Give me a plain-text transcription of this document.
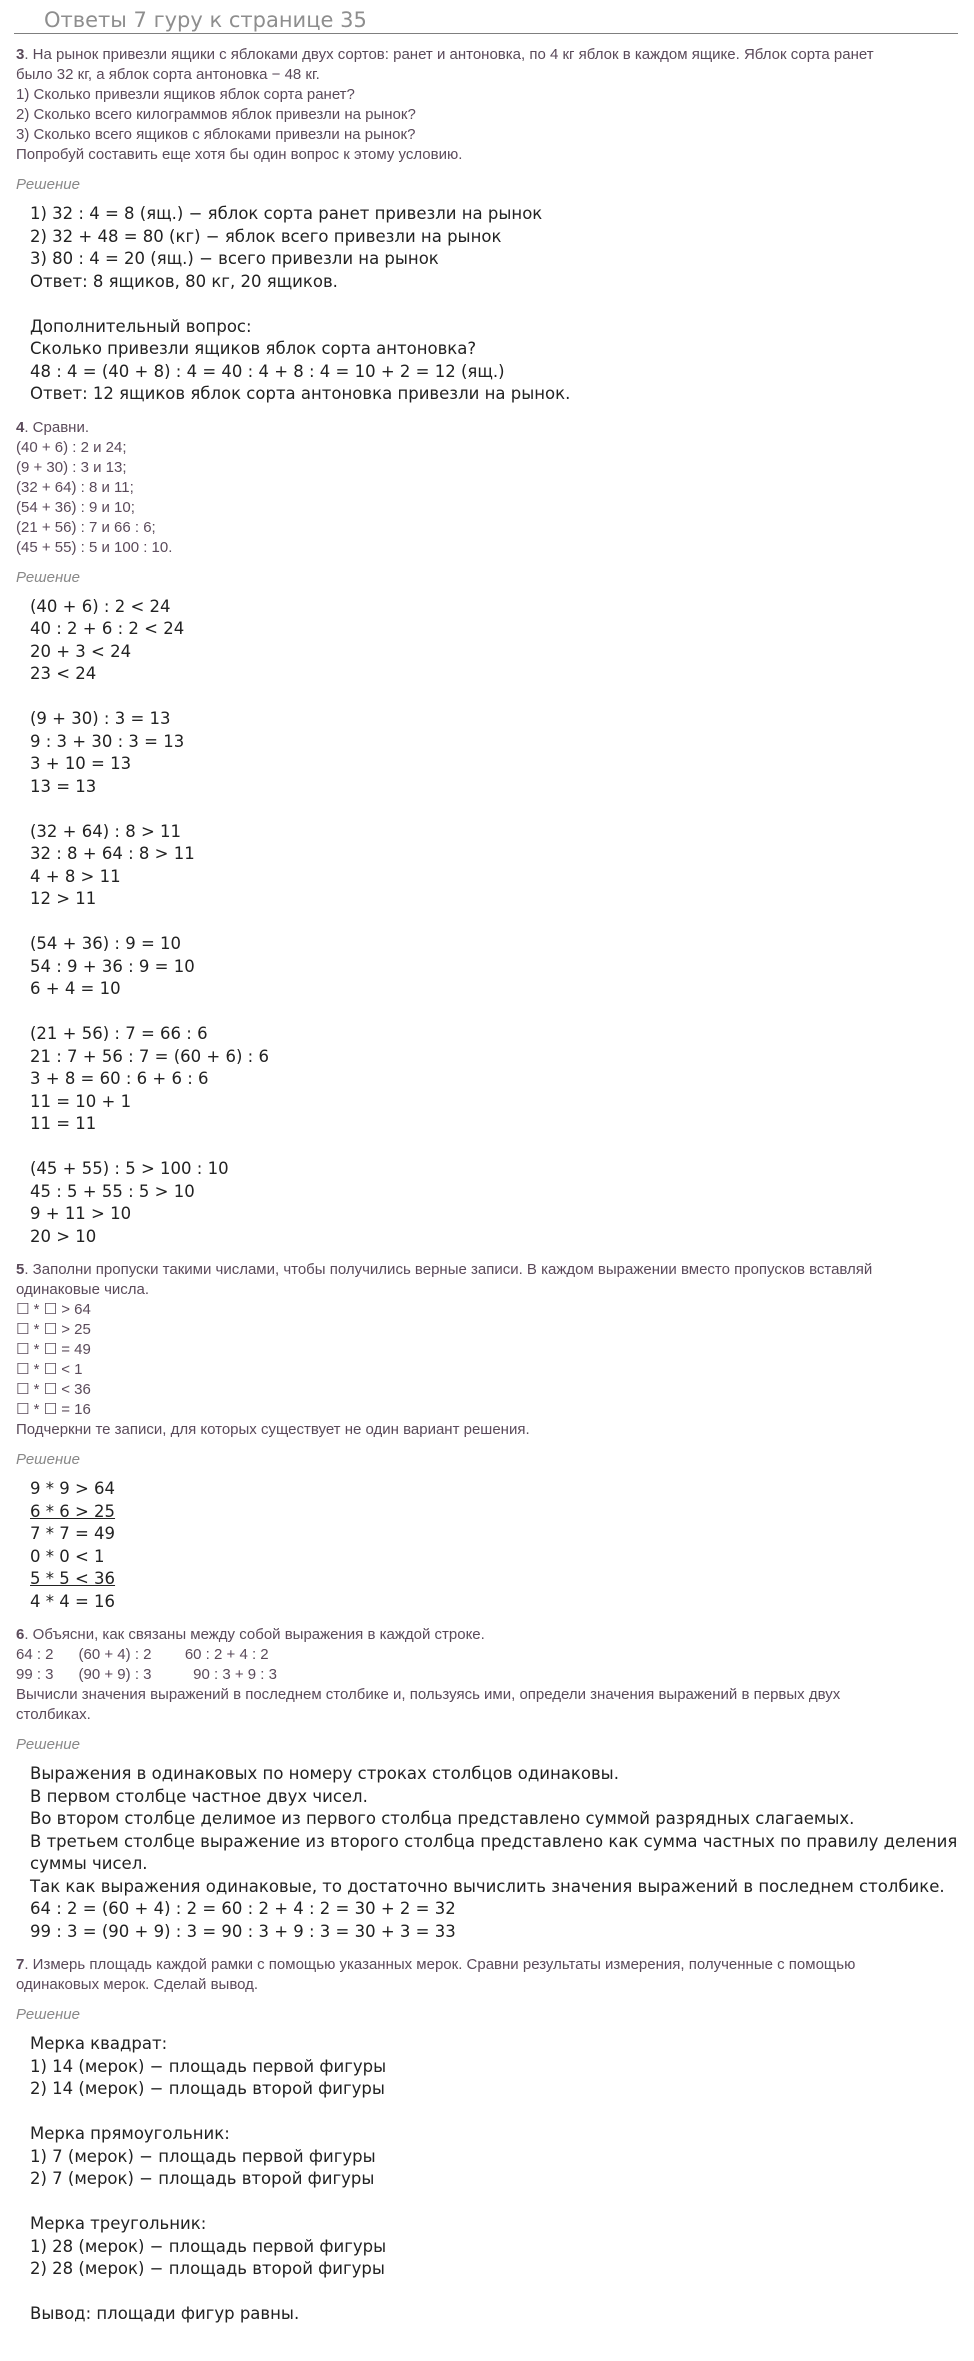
Ответы 7 гуру к странице 35
3. На рынок привезли ящики с яблоками двух сортов: ранет и антоновка, по 4 кг яблок в каждом ящике. Яблок сорта ранет
было 32 кг, а яблок сорта антоновка − 48 кг.
1) Сколько привезли ящиков яблок сорта ранет?
2) Сколько всего килограммов яблок привезли на рынок?
3) Сколько всего ящиков с яблоками привезли на рынок?
Попробуй составить еще хотя бы один вопрос к этому условию.
Решение
1) 32 : 4 = 8 (ящ.) − яблок сорта ранет привезли на рынок
2) 32 + 48 = 80 (кг) − яблок всего привезли на рынок
3) 80 : 4 = 20 (ящ.) − всего привезли на рынок
Ответ: 8 ящиков, 80 кг, 20 ящиков.
Дополнительный вопрос:
Сколько привезли ящиков яблок сорта антоновка?
48 : 4 = (40 + 8) : 4 = 40 : 4 + 8 : 4 = 10 + 2 = 12 (ящ.)
Ответ: 12 ящиков яблок сорта антоновка привезли на рынок.
4. Сравни.
(40 + 6) : 2 и 24;
(9 + 30) : 3 и 13;
(32 + 64) : 8 и 11;
(54 + 36) : 9 и 10;
(21 + 56) : 7 и 66 : 6;
(45 + 55) : 5 и 100 : 10.
Решение
(40 + 6) : 2 < 24
40 : 2 + 6 : 2 < 24
20 + 3 < 24
23 < 24
(9 + 30) : 3 = 13
9 : 3 + 30 : 3 = 13
3 + 10 = 13
13 = 13
(32 + 64) : 8 > 11
32 : 8 + 64 : 8 > 11
4 + 8 > 11
12 > 11
(54 + 36) : 9 = 10
54 : 9 + 36 : 9 = 10
6 + 4 = 10
(21 + 56) : 7 = 66 : 6
21 : 7 + 56 : 7 = (60 + 6) : 6
3 + 8 = 60 : 6 + 6 : 6
11 = 10 + 1
11 = 11
(45 + 55) : 5 > 100 : 10
45 : 5 + 55 : 5 > 10
9 + 11 > 10
20 > 10
5. Заполни пропуски такими числами, чтобы получились верные записи. В каждом выражении вместо пропусков вставляй
одинаковые числа.
☐ * ☐ > 64
☐ * ☐ > 25
☐ * ☐ = 49
☐ * ☐ < 1
☐ * ☐ < 36
☐ * ☐ = 16
Подчеркни те записи, для которых существует не один вариант решения.
Решение
9 * 9 > 64
6 * 6 > 25
7 * 7 = 49
0 * 0 < 1
5 * 5 < 36
4 * 4 = 16
6. Объясни, как связаны между собой выражения в каждой строке.
64 : 2      (60 + 4) : 2        60 : 2 + 4 : 2
99 : 3      (90 + 9) : 3          90 : 3 + 9 : 3
Вычисли значения выражений в последнем столбике и, пользуясь ими, определи значения выражений в первых двух
столбиках.
Решение
Выражения в одинаковых по номеру строках столбцов одинаковы.
В первом столбце частное двух чисел.
Во втором столбце делимое из первого столбца представлено суммой разрядных слагаемых.
В третьем столбце выражение из второго столбца представлено как сумма частных по правилу деления
суммы чисел.
Так как выражения одинаковые, то достаточно вычислить значения выражений в последнем столбике.
64 : 2 = (60 + 4) : 2 = 60 : 2 + 4 : 2 = 30 + 2 = 32
99 : 3 = (90 + 9) : 3 = 90 : 3 + 9 : 3 = 30 + 3 = 33
7. Измерь площадь каждой рамки с помощью указанных мерок. Сравни результаты измерения, полученные с помощью
одинаковых мерок. Сделай вывод.
Решение
Мерка квадрат:
1) 14 (мерок) − площадь первой фигуры
2) 14 (мерок) − площадь второй фигуры
Мерка прямоугольник:
1) 7 (мерок) − площадь первой фигуры
2) 7 (мерок) − площадь второй фигуры
Мерка треугольник:
1) 28 (мерок) − площадь первой фигуры
2) 28 (мерок) − площадь второй фигуры
Вывод: площади фигур равны.
